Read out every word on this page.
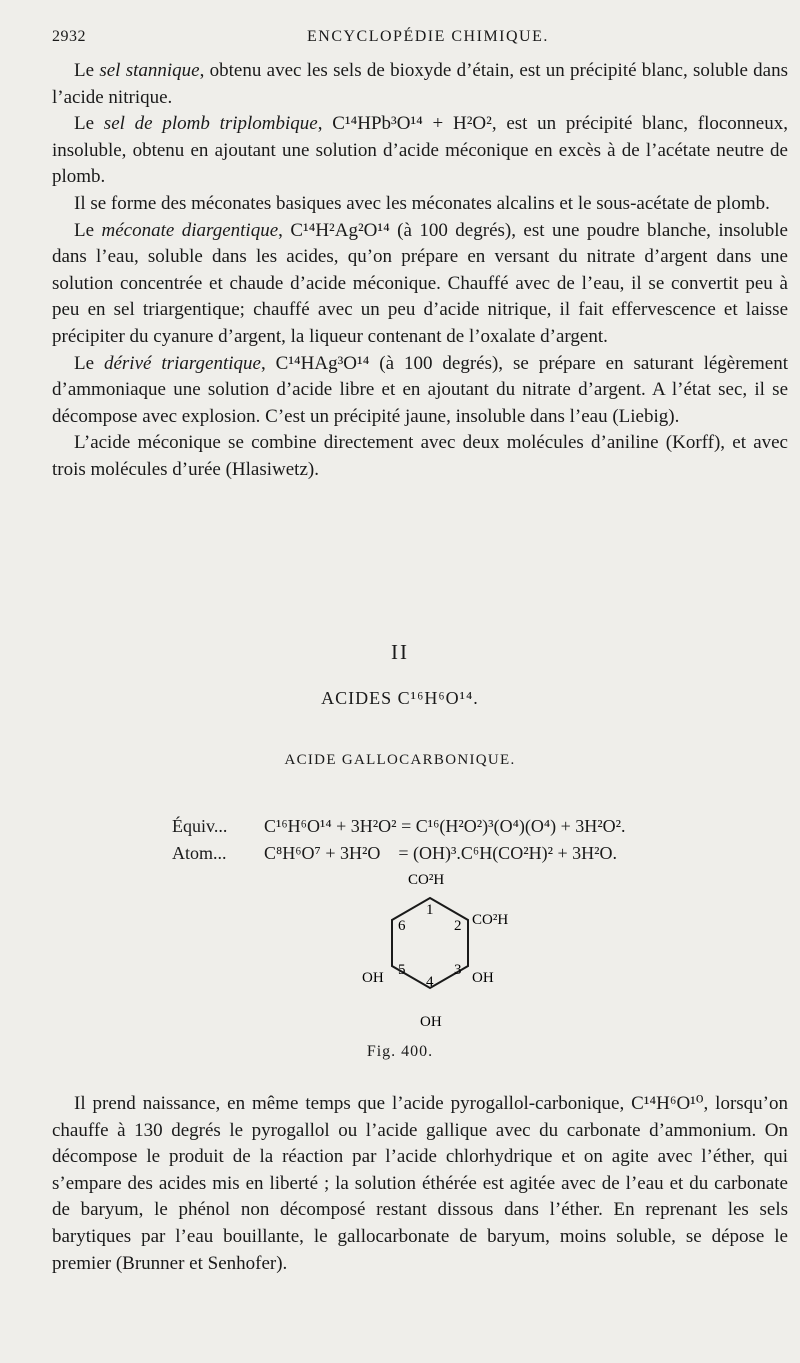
2932	ENCYCLOPÉDIE CHIMIQUE.

Le sel stannique, obtenu avec les sels de bioxyde d’étain, est un précipité blanc, soluble dans l’acide nitrique.

Le sel de plomb triplombique, C¹⁴HPb³O¹⁴ + H²O², est un précipité blanc, floconneux, insoluble, obtenu en ajoutant une solution d’acide méconique en excès à de l’acétate neutre de plomb.

Il se forme des méconates basiques avec les méconates alcalins et le sous-acétate de plomb.

Le méconate diargentique, C¹⁴H²Ag²O¹⁴ (à 100 degrés), est une poudre blanche, insoluble dans l’eau, soluble dans les acides, qu’on prépare en versant du nitrate d’argent dans une solution concentrée et chaude d’acide méconique. Chauffé avec de l’eau, il se convertit peu à peu en sel triargentique; chauffé avec un peu d’acide nitrique, il fait effervescence et laisse précipiter du cyanure d’argent, la liqueur contenant de l’oxalate d’argent.

Le dérivé triargentique, C¹⁴HAg³O¹⁴ (à 100 degrés), se prépare en saturant légèrement d’ammoniaque une solution d’acide libre et en ajoutant du nitrate d’argent. A l’état sec, il se décompose avec explosion. C’est un précipité jaune, insoluble dans l’eau (Liebig).

L’acide méconique se combine directement avec deux molécules d’aniline (Korff), et avec trois molécules d’urée (Hlasiwetz).

II
ACIDES C¹⁶H⁶O¹⁴.
ACIDE GALLOCARBONIQUE.

Équiv... C¹⁶H⁶O¹⁴ + 3H²O² = C¹⁶(H²O²)³(O⁴)(O⁴) + 3H²O².

Atom... C⁸H⁶O⁷ + 3H²O    = (OH)³.C⁶H(CO²H)² + 3H²O.

CO²H
CO²H
OH
OH
OH
1
2
3
4
5
6
Fig. 400.

Il prend naissance, en même temps que l’acide pyrogallol-carbonique, C¹⁴H⁶O¹⁰, lorsqu’on chauffe à 130 degrés le pyrogallol ou l’acide gallique avec du carbonate d’ammonium. On décompose le produit de la réaction par l’acide chlorhydrique et on agite avec l’éther, qui s’empare des acides mis en liberté ; la solution éthérée est agitée avec de l’eau et du carbonate de baryum, le phénol non décomposé restant dissous dans l’éther. En reprenant les sels barytiques par l’eau bouillante, le gallocarbonate de baryum, moins soluble, se dépose le premier (Brunner et Senhofer).
